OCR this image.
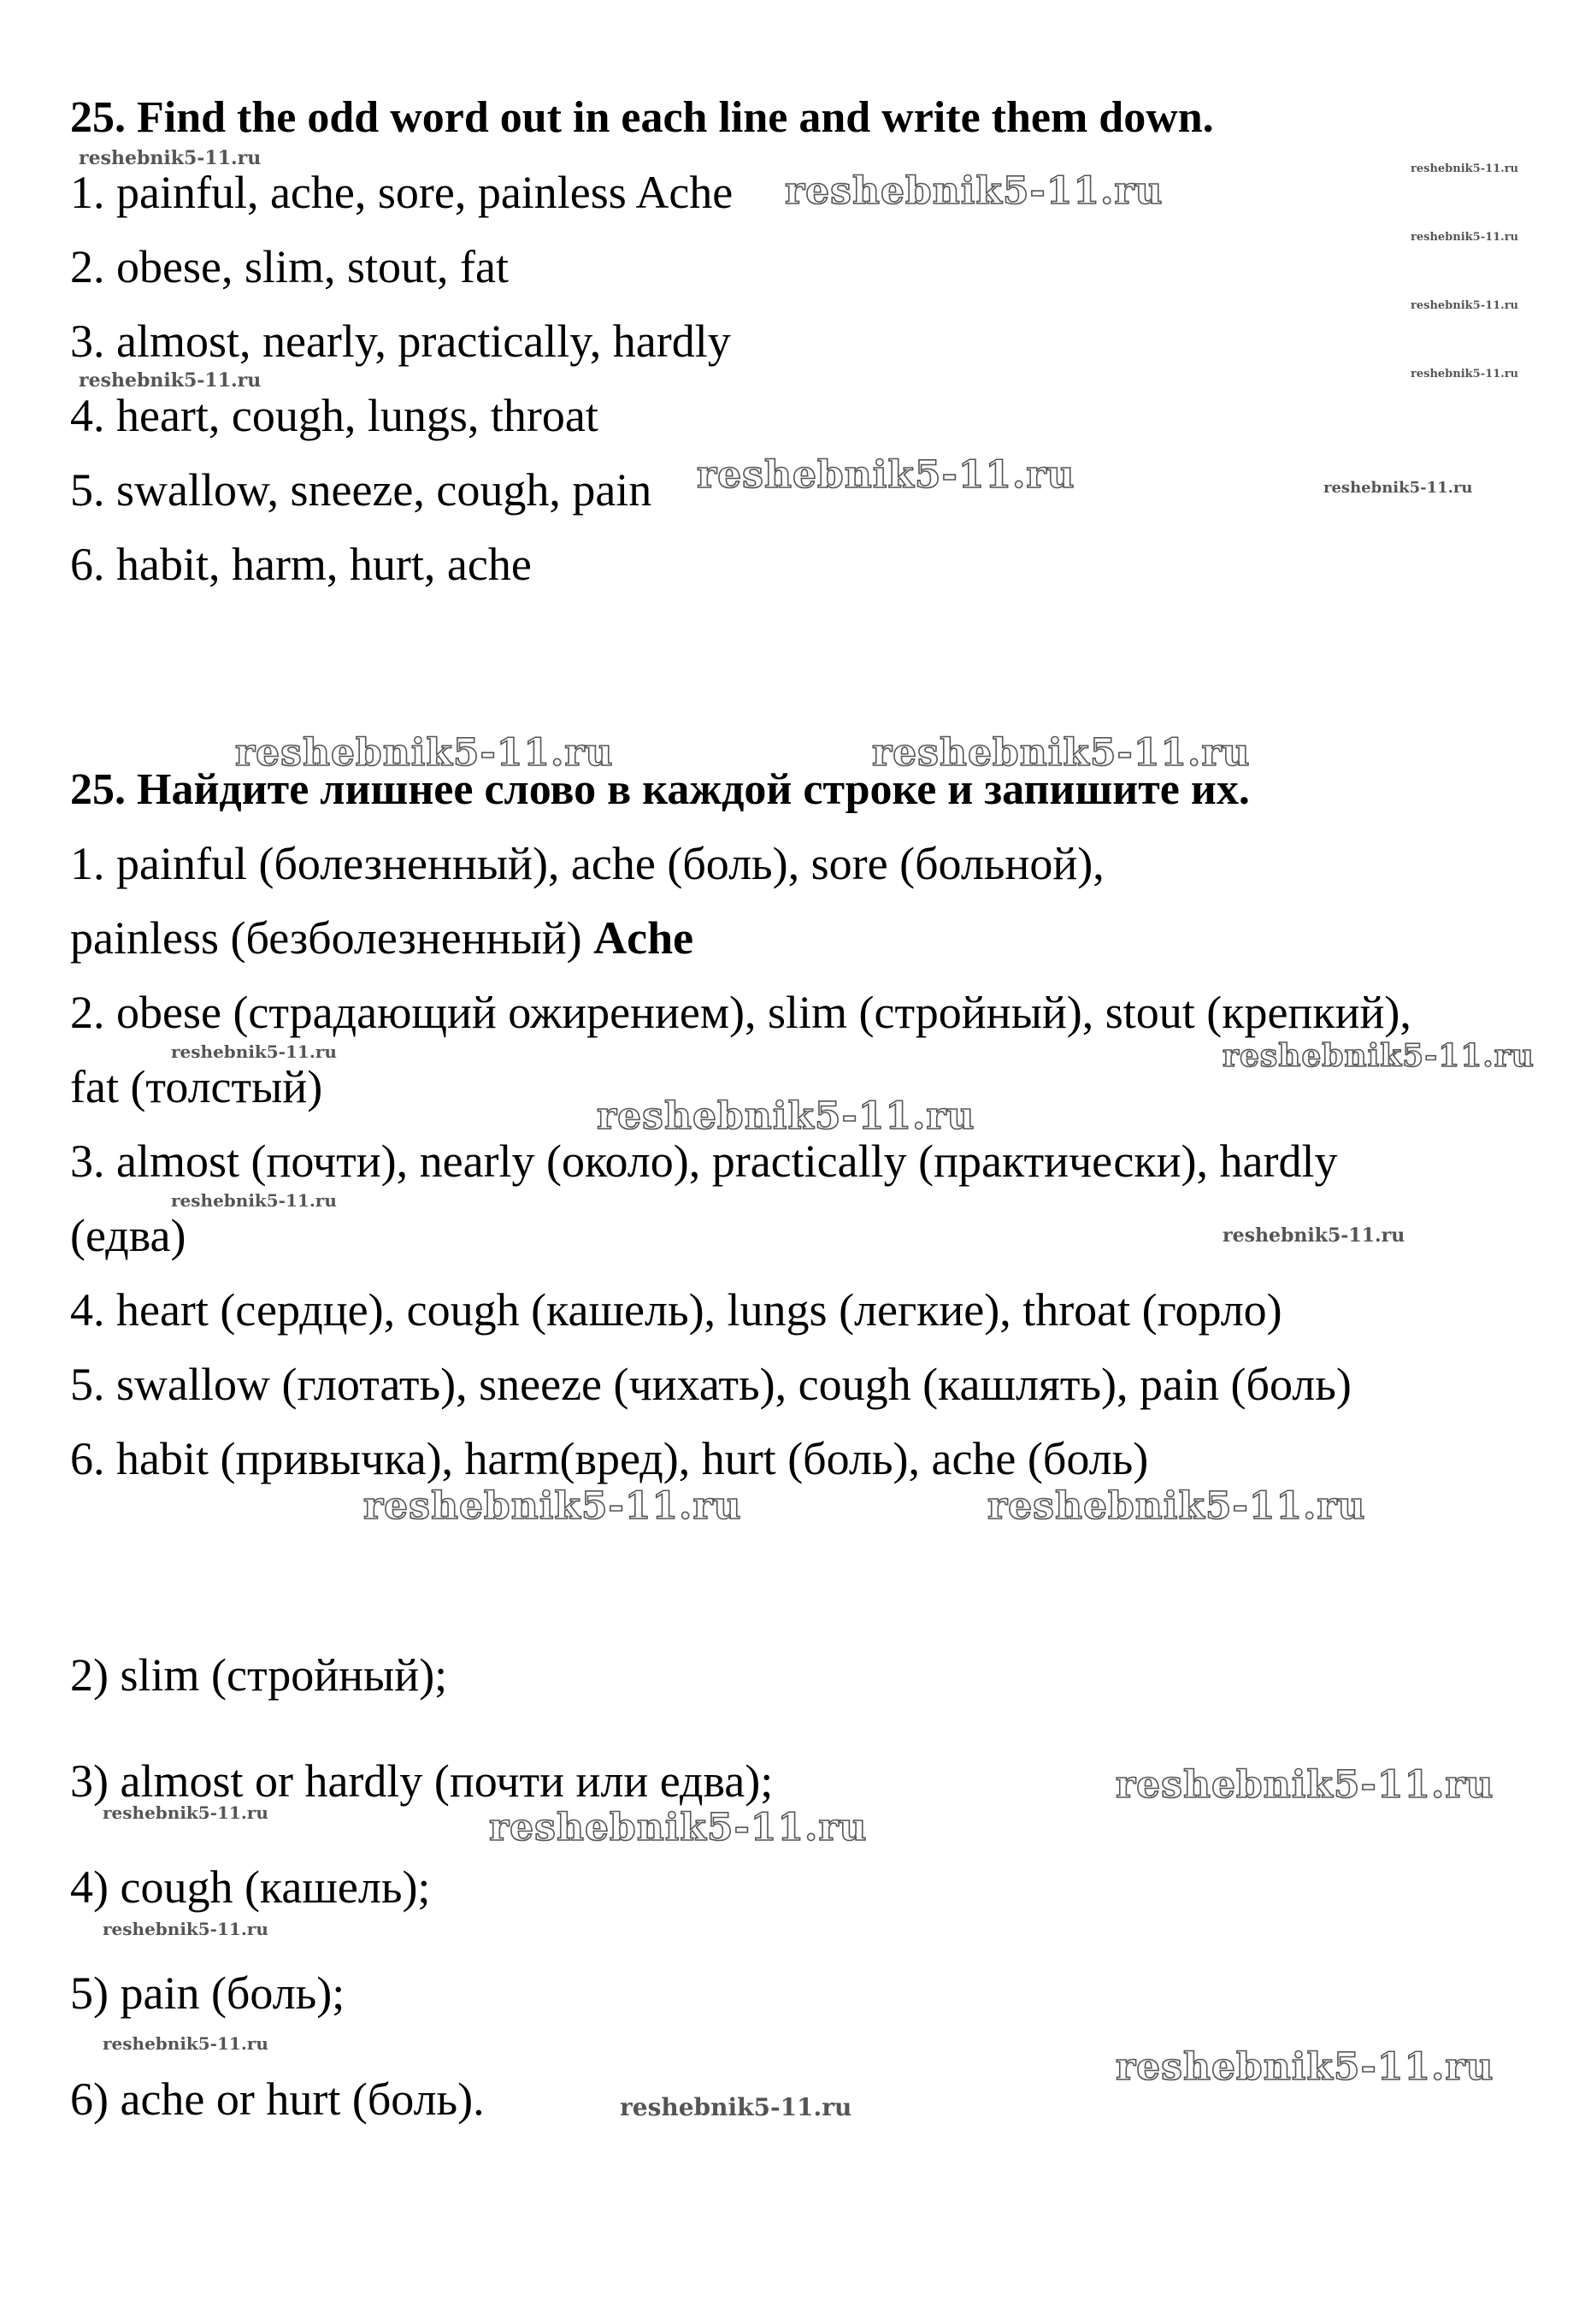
25. Find the odd word out in each line and write them down.
1. painful, ache, sore, painless Ache
2. obese, slim, stout, fat
3. almost, nearly, practically, hardly
4. heart, cough, lungs, throat
5. swallow, sneeze, cough, pain
6. habit, harm, hurt, ache
25. Найдите лишнее слово в каждой строке и запишите их.
1. painful (болезненный), ache (боль), sore (больной),
painless (безболезненный) Ache
2. obese (страдающий ожирением), slim (стройный), stout (крепкий),
fat (толстый)
3. almost (почти), nearly (около), practically (практически), hardly
(едва)
4. heart (сердце), cough (кашель), lungs (легкие), throat (горло)
5. swallow (глотать), sneeze (чихать), cough (кашлять), pain (боль)
6. habit (привычка), harm(вред), hurt (боль), ache (боль)
2) slim (стройный);
3) almost or hardly (почти или едва);
4) cough (кашель);
5) pain (боль);
6) ache or hurt (боль).
reshebnik5-11.ru
reshebnik5-11.ru
reshebnik5-11.ru
reshebnik5-11.ru
reshebnik5-11.ru
reshebnik5-11.ru
reshebnik5-11.ru
reshebnik5-11.ru	reshebnik5-11.ru
reshebnik5-11.ru	reshebnik5-11.ru
reshebnik5-11.ru	reshebnik5-11.ru
reshebnik5-11.ru
reshebnik5-11.ru
reshebnik5-11.ru
reshebnik5-11.ru	reshebnik5-11.ru
reshebnik5-11.ru
reshebnik5-11.ru	reshebnik5-11.ru
reshebnik5-11.ru
reshebnik5-11.ru
reshebnik5-11.ru
reshebnik5-11.ru
